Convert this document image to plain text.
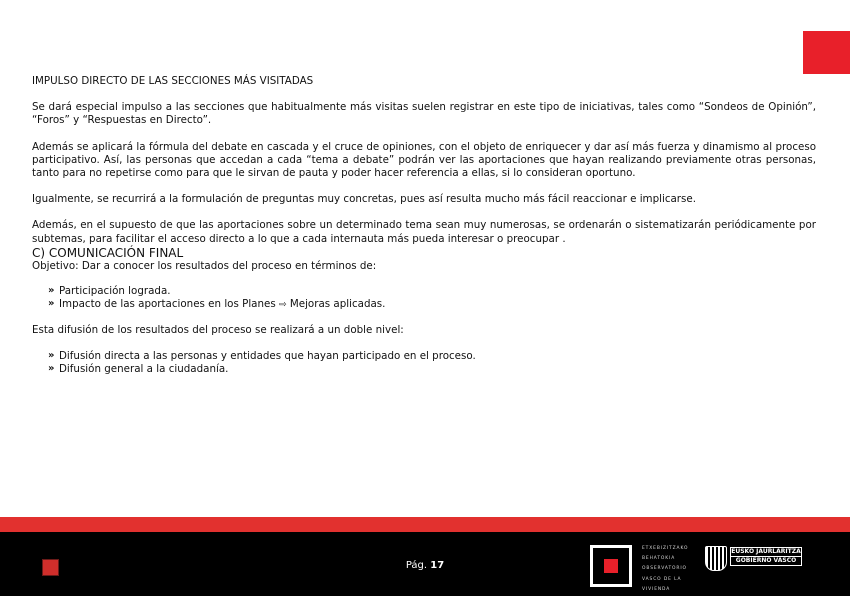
IMPULSO DIRECTO DE LAS SECCIONES MÁS VISITADAS

Se dará especial impulso a las secciones que habitualmente más visitas suelen registrar en este tipo de iniciativas, tales como “Sondeos de Opinión”, “Foros” y “Respuestas en Directo”.

Además se aplicará la fórmula del debate en cascada y el cruce de opiniones, con el objeto de enriquecer y dar así más fuerza y dinamismo al proceso participativo. Así, las personas que accedan a cada “tema a debate” podrán ver las aportaciones que hayan realizando previamente otras personas, tanto para no repetirse como para que le sirvan de pauta y poder hacer referencia a ellas, si lo consideran oportuno.

Igualmente, se recurrirá a la formulación de preguntas muy concretas, pues así resulta mucho más fácil reaccionar e implicarse.

Además, en el supuesto de que las aportaciones sobre un determinado tema sean muy numerosas, se ordenarán o sistematizarán periódicamente por subtemas, para facilitar el acceso directo a lo que a cada internauta más pueda interesar o preocupar .

C) COMUNICACIÓN FINAL

Objetivo: Dar a conocer los resultados del proceso en términos de:

» Participación lograda.
» Impacto de las aportaciones en los Planes ⇨ Mejoras aplicadas.

Esta difusión de los resultados del proceso se realizará a un doble nivel:

» Difusión directa a las personas y entidades que hayan participado en el proceso.
» Difusión general a la ciudadanía.
Pág. 17
ETXEBIZITZAKO
BEHATOKIA
OBSERVATORIO
VASCO DE LA
VIVIENDA
EUSKO JAURLARITZA
GOBIERNO VASCO
